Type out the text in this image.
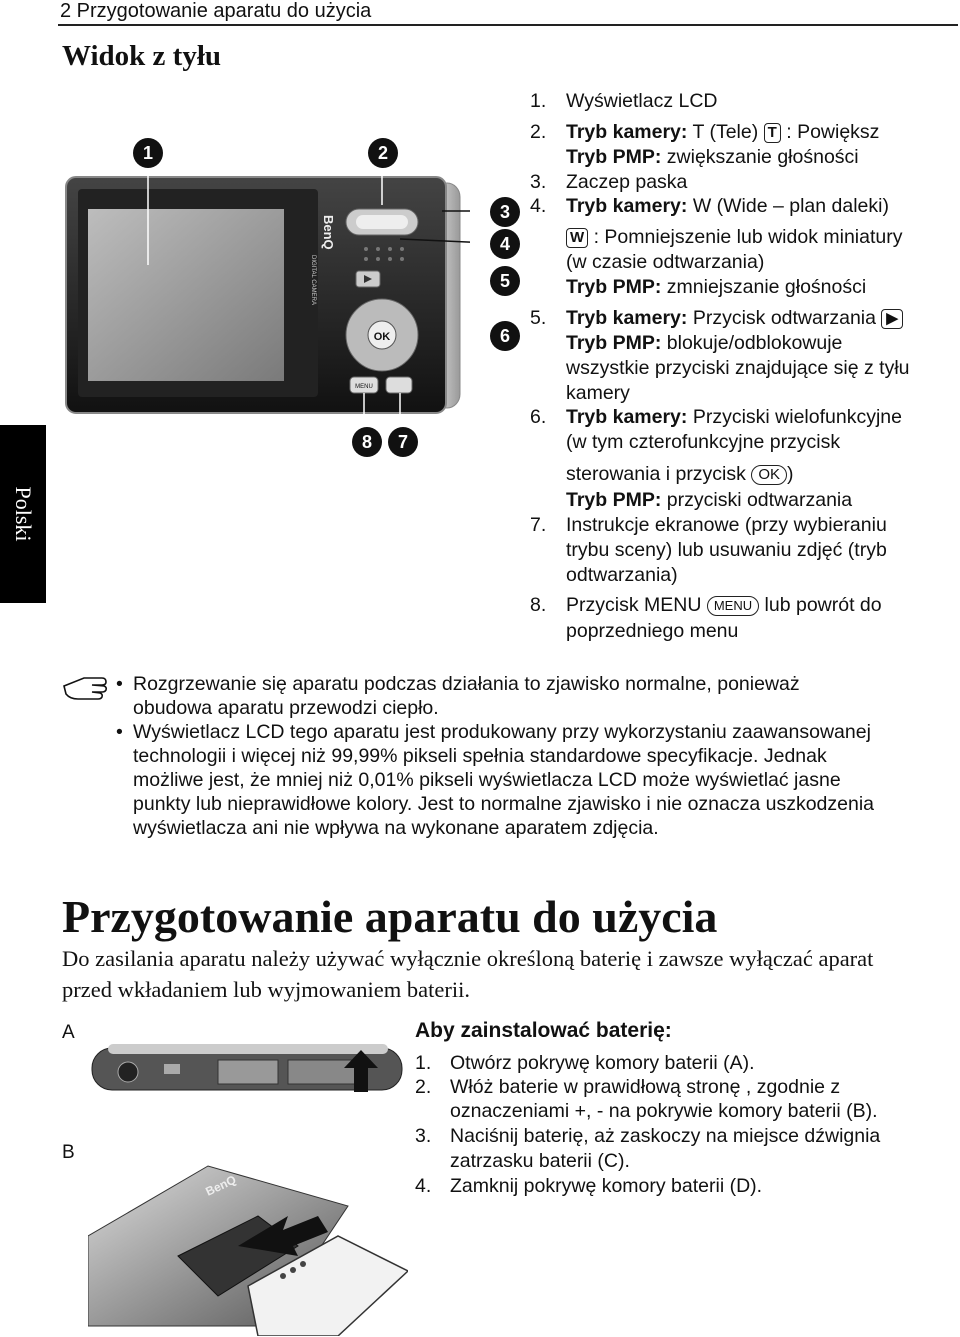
2 Przygotowanie aparatu do użycia
Widok z tyłu
Polski
OK
MENU
BenQ
DIGITAL CAMERA
1	2
3
4
5
6
7
8
1. Wyświetlacz LCD
2. Tryb kamery: T (Tele) T : Powiększ
Tryb PMP: zwiększanie głośności
3. Zaczep paska
4. Tryb kamery: W (Wide – plan daleki)
W : Pomniejszenie lub widok miniatury
(w czasie odtwarzania)
Tryb PMP: zmniejszanie głośności
5. Tryb kamery: Przycisk odtwarzania ▶
Tryb PMP: blokuje/odblokowuje
wszystkie przyciski znajdujące się z tyłu
kamery
6. Tryb kamery: Przyciski wielofunkcyjne
(w tym czterofunkcyjne przycisk
sterowania i przycisk OK )
Tryb PMP: przyciski odtwarzania
7. Instrukcje ekranowe (przy wybieraniu
trybu sceny) lub usuwaniu zdjęć (tryb
odtwarzania)
8. Przycisk MENU MENU lub powrót do
poprzedniego menu
• Rozgrzewanie się aparatu podczas działania to zjawisko normalne, ponieważ
obudowa aparatu przewodzi ciepło.
• Wyświetlacz LCD tego aparatu jest produkowany przy wykorzystaniu zaawansowanej
technologii i więcej niż 99,99% pikseli spełnia standardowe specyfikacje. Jednak
możliwe jest, że mniej niż 0,01% pikseli wyświetlacza LCD może wyświetlać jasne
punkty lub nieprawidłowe kolory. Jest to normalne zjawisko i nie oznacza uszkodzenia
wyświetlacza ani nie wpływa na wykonane aparatem zdjęcia.
Przygotowanie aparatu do użycia
Do zasilania aparatu należy używać wyłącznie określoną baterię i zawsze wyłączać aparat
przed wkładaniem lub wyjmowaniem baterii.
A
B
BenQ
Aby zainstalować baterię:
1. Otwórz pokrywę komory baterii (A).
2. Włóż baterie w prawidłową stronę , zgodnie z
oznaczeniami +, - na pokrywie komory baterii (B).
3. Naciśnij baterię, aż zaskoczy na miejsce dźwignia
zatrzasku baterii (C).
4. Zamknij pokrywę komory baterii (D).
